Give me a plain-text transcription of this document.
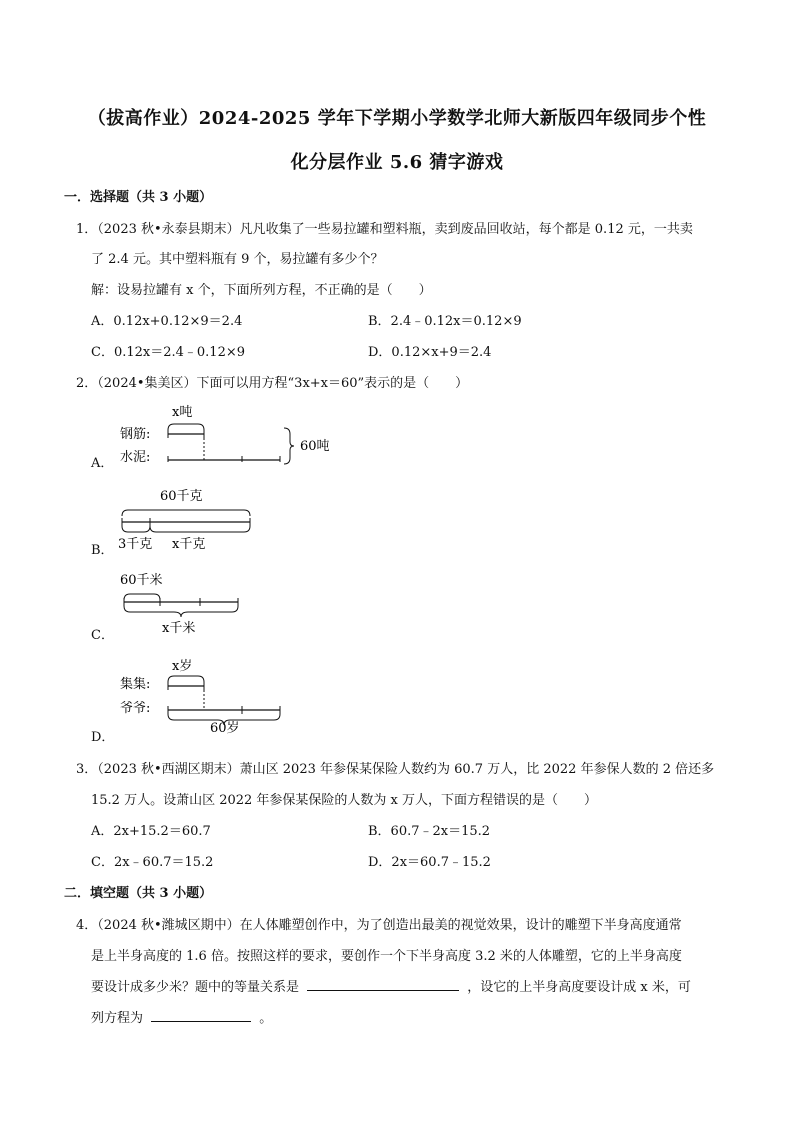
（拔高作业）2024-2025 学年下学期小学数学北师大新版四年级同步个性
化分层作业 5.6 猜字游戏
一．选择题（共 3 小题）
1．（2023 秋•永泰县期末）凡凡收集了一些易拉罐和塑料瓶，卖到废品回收站，每个都是 0.12 元，一共卖
了 2.4 元。其中塑料瓶有 9 个，易拉罐有多少个？
解：设易拉罐有 x 个，下面所列方程，不正确的是（　　）
A．0.12x+0.12×9＝2.4	B．2.4﹣0.12x＝0.12×9
C．0.12x＝2.4﹣0.12×9	D．0.12×x+9＝2.4
2．（2024•集美区）下面可以用方程“3x+x＝60”表示的是（　　）
A．
x吨
钢筋:
水泥:
60吨
B．
60千克
3千克 x千克
C．
60千米
x千米
D．
x岁
集集:
爷爷:
60岁
3．（2023 秋•西湖区期末）萧山区 2023 年参保某保险人数约为 60.7 万人，比 2022 年参保人数的 2 倍还多
15.2 万人。设萧山区 2022 年参保某保险的人数为 x 万人，下面方程错误的是（　　）
A．2x+15.2＝60.7	B．60.7﹣2x＝15.2
C．2x﹣60.7＝15.2	D．2x＝60.7﹣15.2
二．填空题（共 3 小题）
4．（2024 秋•潍城区期中）在人体雕塑创作中，为了创造出最美的视觉效果，设计的雕塑下半身高度通常
是上半身高度的 1.6 倍。按照这样的要求，要创作一个下半身高度 3.2 米的人体雕塑，它的上半身高度
要设计成多少米？题中的等量关系是	，设它的上半身高度要设计成 x 米，可
列方程为	。
